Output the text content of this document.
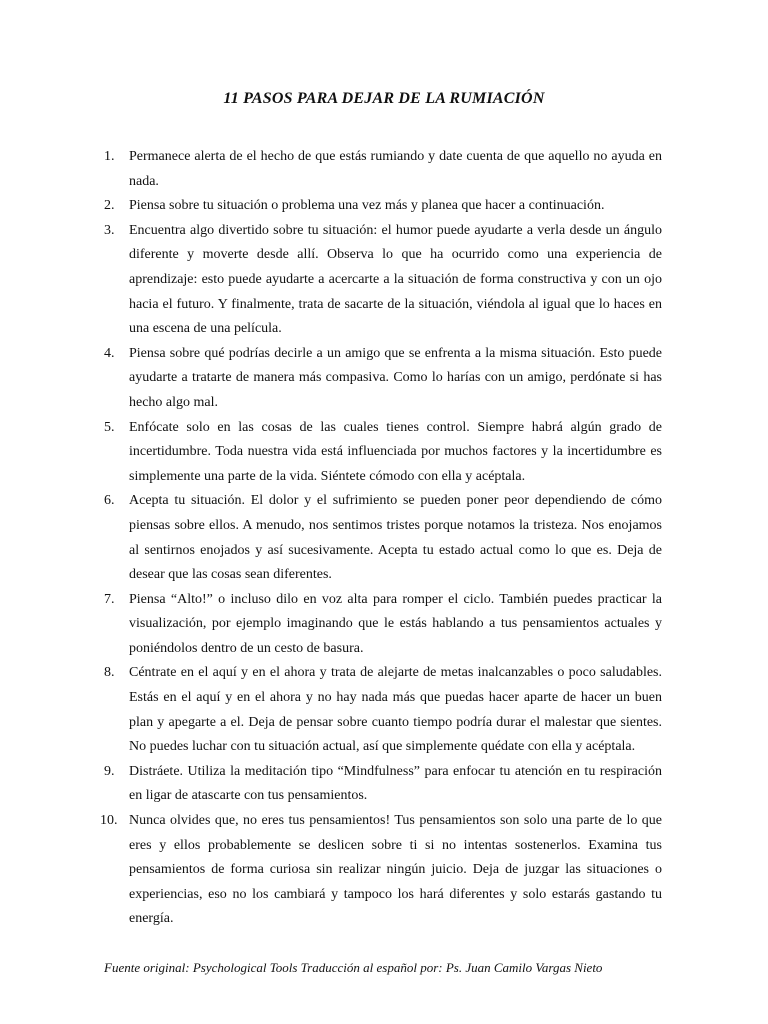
11 PASOS PARA DEJAR DE LA RUMIACIÓN
1.	Permanece alerta de el hecho de que estás rumiando y date cuenta de que aquello no ayuda en nada.
2.	Piensa sobre tu situación o problema una vez más y planea que hacer a continuación.
3.	Encuentra algo divertido sobre tu situación: el humor puede ayudarte a verla desde un ángulo diferente y moverte desde allí. Observa lo que ha ocurrido como una experiencia de aprendizaje: esto puede ayudarte a acercarte a la situación de forma constructiva y con un ojo hacia el futuro. Y finalmente, trata de sacarte de la situación, viéndola al igual que lo haces en una escena de una película.
4.	Piensa sobre qué podrías decirle a un amigo que se enfrenta a la misma situación. Esto puede ayudarte a tratarte de manera más compasiva. Como lo harías con un amigo, perdónate si has hecho algo mal.
5.	Enfócate solo en las cosas de las cuales tienes control. Siempre habrá algún grado de incertidumbre. Toda nuestra vida está influenciada por muchos factores y la incertidumbre es simplemente una parte de la vida. Siéntete cómodo con ella y acéptala.
6.	Acepta tu situación. El dolor y el sufrimiento se pueden poner peor dependiendo de cómo piensas sobre ellos. A menudo, nos sentimos tristes porque notamos la tristeza. Nos enojamos al sentirnos enojados y así sucesivamente. Acepta tu estado actual como lo que es. Deja de desear que las cosas sean diferentes.
7.	Piensa “Alto!” o incluso dilo en voz alta para romper el ciclo. También puedes practicar la visualización, por ejemplo imaginando que le estás hablando a tus pensamientos actuales y poniéndolos dentro de un cesto de basura.
8.	Céntrate en el aquí y en el ahora y trata de alejarte de metas inalcanzables o poco saludables. Estás en el aquí y en el ahora y no hay nada más que puedas hacer aparte de hacer un buen plan y apegarte a el. Deja de pensar sobre cuanto tiempo podría durar el malestar que sientes. No puedes luchar con tu situación actual, así que simplemente quédate con ella y acéptala.
9.	Distráete. Utiliza la meditación tipo “Mindfulness” para enfocar tu atención en tu respiración en ligar de atascarte con tus pensamientos.
10. Nunca olvides que, no eres tus pensamientos! Tus pensamientos son solo una parte de lo que eres y ellos probablemente se deslicen sobre ti si no intentas sostenerlos. Examina tus pensamientos de forma curiosa sin realizar ningún juicio. Deja de juzgar las situaciones o experiencias, eso no los cambiará y tampoco los hará diferentes y solo estarás gastando tu energía.
Fuente original: Psychological Tools Traducción al español por: Ps. Juan Camilo Vargas Nieto
